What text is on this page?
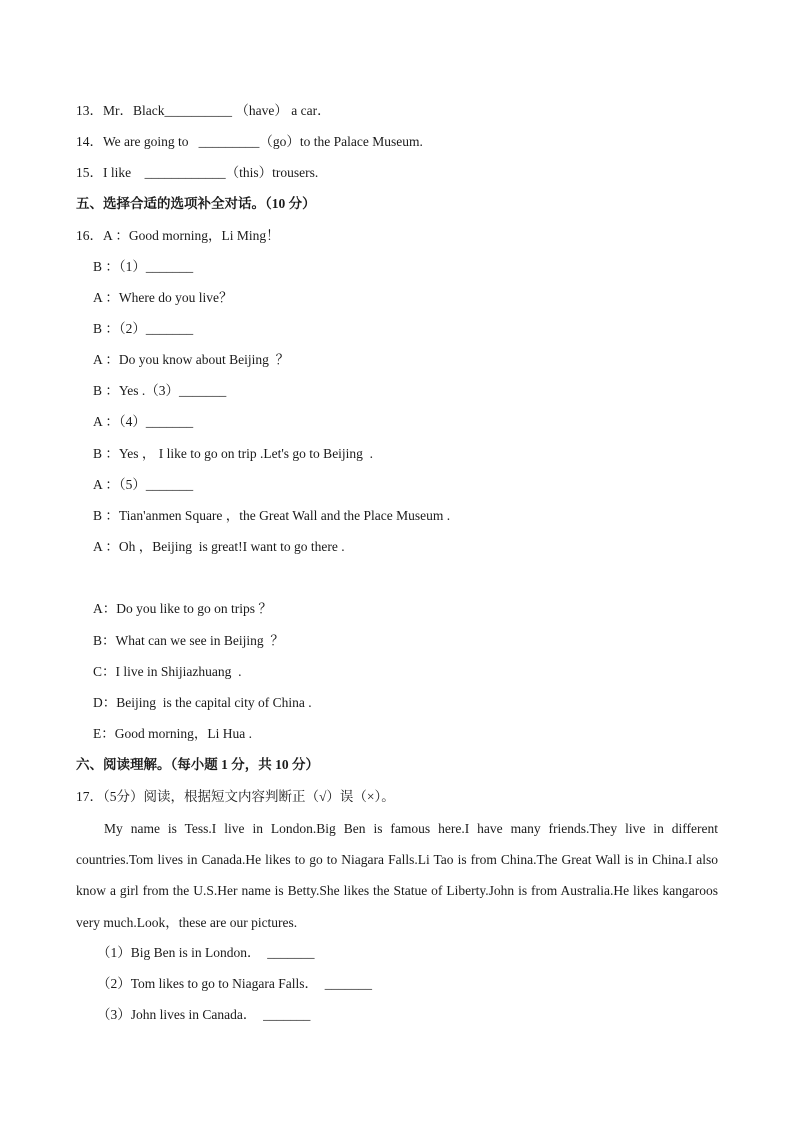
13．Mr．Black__________ （have） a car．
14．We are going to   _________（go）to the Palace Museum.
15．I like    ____________（this）trousers.
五、选择合适的选项补全对话。（10 分）
16．A ：Good morning，Li Ming！
B ：（1）_______
A ：Where do you live？
B ：（2）_______
A ：Do you know about Beijing  ？
B ：Yes .（3）_______
A ：（4）_______
B ：Yes ， I like to go on trip .Let's go to Beijing  .
A ：（5）_______
B ：Tian'anmen Square ，the Great Wall and the Place Museum .
A ：Oh ，Beijing  is great!I want to go there .
A：Do you like to go on trips ？
B：What can we see in Beijing  ？
C：I live in Shijiazhuang  .
D：Beijing  is the capital city of China .
E：Good morning，Li Hua .
六、阅读理解。（每小题 1 分，共 10 分）
17．（5分）阅读，根据短文内容判断正（√）误（×）。
My name is Tess.I live in London.Big Ben is famous here.I have many friends.They live in different countries.Tom lives in Canada.He likes to go to Niagara Falls.Li Tao is from China.The Great Wall is in China.I also know a girl from the U.S.Her name is Betty.She likes the Statue of Liberty.John is from Australia.He likes kangaroos very much.Look，these are our pictures.
（1）Big Ben is in London．  _______
（2）Tom likes to go to Niagara Falls．  _______
（3）John lives in Canada．  _______
